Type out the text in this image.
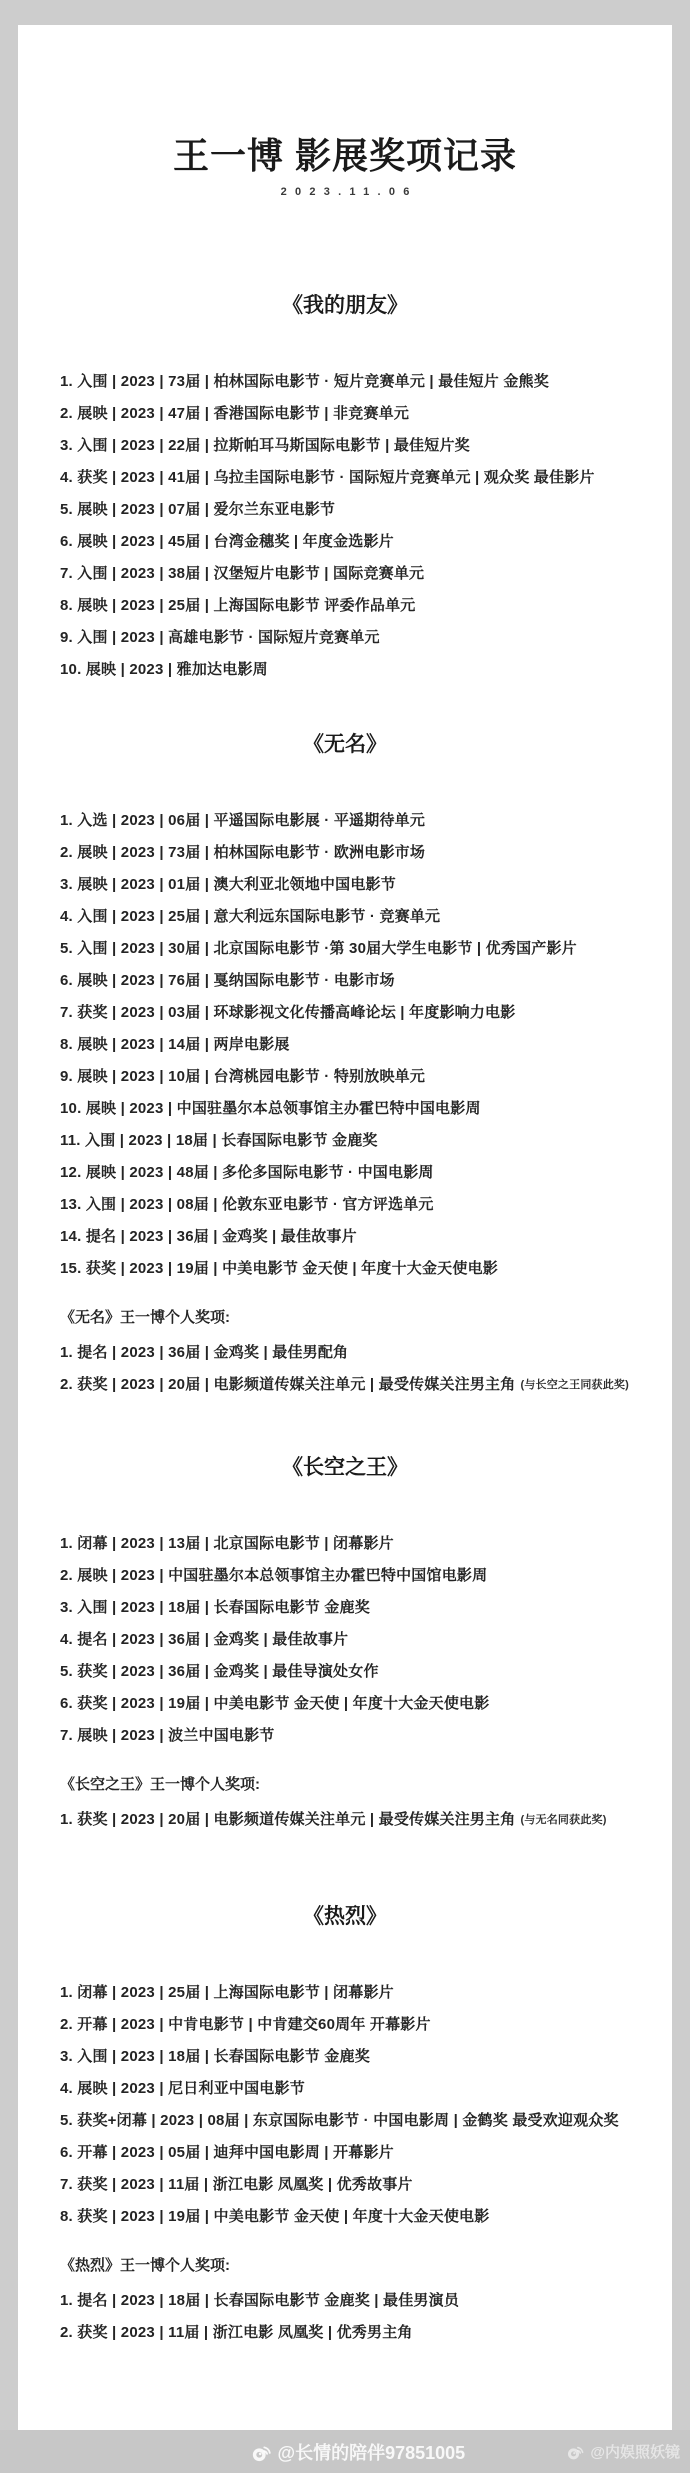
王一博 影展奖项记录
2023.11.06
《我的朋友》
1. 入围 | 2023 | 73届 | 柏林国际电影节 · 短片竞赛单元 | 最佳短片 金熊奖
2. 展映 | 2023 | 47届 | 香港国际电影节 | 非竞赛单元
3. 入围 | 2023 | 22届 | 拉斯帕耳马斯国际电影节 | 最佳短片奖
4. 获奖 | 2023 | 41届 | 乌拉圭国际电影节 · 国际短片竞赛单元 | 观众奖 最佳影片
5. 展映 | 2023 | 07届 | 爱尔兰东亚电影节
6. 展映 | 2023 | 45届 | 台湾金穗奖 | 年度金选影片
7. 入围 | 2023 | 38届 | 汉堡短片电影节 | 国际竞赛单元
8. 展映 | 2023 | 25届 | 上海国际电影节 评委作品单元
9. 入围 | 2023 | 高雄电影节 · 国际短片竞赛单元
10. 展映 | 2023 | 雅加达电影周
《无名》
1. 入选 | 2023 | 06届 | 平遥国际电影展 · 平遥期待单元
2. 展映 | 2023 | 73届 | 柏林国际电影节 · 欧洲电影市场
3. 展映 | 2023 | 01届 | 澳大利亚北领地中国电影节
4. 入围 | 2023 | 25届 | 意大利远东国际电影节 · 竞赛单元
5. 入围 | 2023 | 30届 | 北京国际电影节 ·第 30届大学生电影节 | 优秀国产影片
6. 展映 | 2023 | 76届 | 戛纳国际电影节 · 电影市场
7. 获奖 | 2023 | 03届 | 环球影视文化传播高峰论坛 | 年度影响力电影
8. 展映 | 2023 | 14届 | 两岸电影展
9. 展映 | 2023 | 10届 | 台湾桃园电影节 · 特别放映单元
10. 展映 | 2023 | 中国驻墨尔本总领事馆主办霍巴特中国电影周
11. 入围 | 2023 | 18届 | 长春国际电影节 金鹿奖
12. 展映 | 2023 | 48届 | 多伦多国际电影节 · 中国电影周
13. 入围 | 2023 | 08届 | 伦敦东亚电影节 · 官方评选单元
14. 提名 | 2023 | 36届 | 金鸡奖 | 最佳故事片
15. 获奖 | 2023 | 19届 | 中美电影节 金天使 | 年度十大金天使电影
《无名》王一博个人奖项:
1. 提名 | 2023 | 36届 | 金鸡奖 | 最佳男配角
2. 获奖 | 2023 | 20届 | 电影频道传媒关注单元 | 最受传媒关注男主角 (与长空之王同获此奖)
《长空之王》
1. 闭幕 | 2023 | 13届 | 北京国际电影节 | 闭幕影片
2. 展映 | 2023 | 中国驻墨尔本总领事馆主办霍巴特中国馆电影周
3. 入围 | 2023 | 18届 | 长春国际电影节 金鹿奖
4. 提名 | 2023 | 36届 | 金鸡奖 | 最佳故事片
5. 获奖 | 2023 | 36届 | 金鸡奖 | 最佳导演处女作
6. 获奖 | 2023 | 19届 | 中美电影节 金天使 | 年度十大金天使电影
7. 展映 | 2023 | 波兰中国电影节
《长空之王》王一博个人奖项:
1. 获奖 | 2023 | 20届 | 电影频道传媒关注单元 | 最受传媒关注男主角 (与无名同获此奖)
《热烈》
1. 闭幕 | 2023 | 25届 | 上海国际电影节 | 闭幕影片
2. 开幕 | 2023 | 中肯电影节 | 中肯建交60周年 开幕影片
3. 入围 | 2023 | 18届 | 长春国际电影节 金鹿奖
4. 展映 | 2023 | 尼日利亚中国电影节
5. 获奖+闭幕 | 2023 | 08届 | 东京国际电影节 · 中国电影周 | 金鹤奖 最受欢迎观众奖
6. 开幕 | 2023 | 05届 | 迪拜中国电影周 | 开幕影片
7. 获奖 | 2023 | 11届 | 浙江电影 凤凰奖 | 优秀故事片
8. 获奖 | 2023 | 19届 | 中美电影节 金天使 | 年度十大金天使电影
《热烈》王一博个人奖项:
1. 提名 | 2023 | 18届 | 长春国际电影节 金鹿奖 | 最佳男演员
2. 获奖 | 2023 | 11届 | 浙江电影 凤凰奖 | 优秀男主角
@长情的陪伴97851005	@内娱照妖镜
